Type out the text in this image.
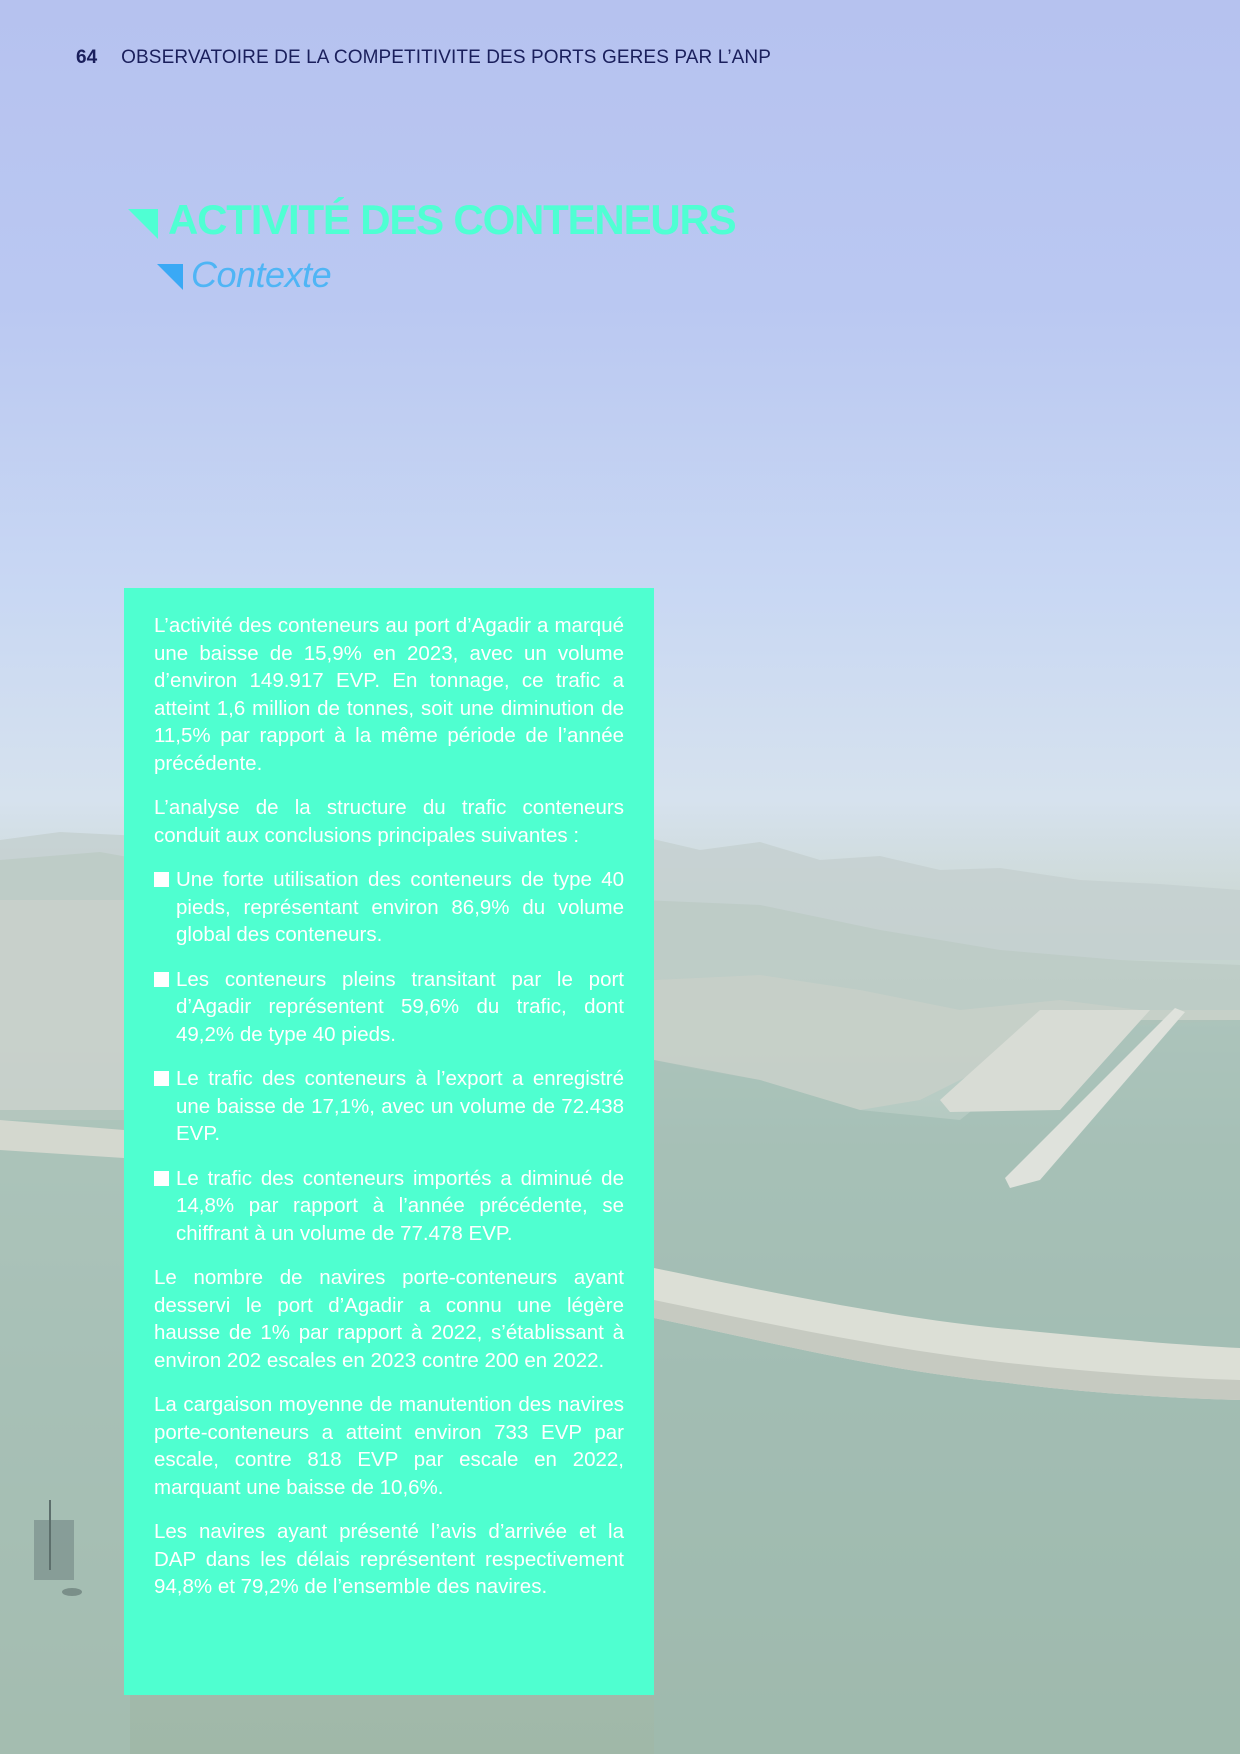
64 OBSERVATOIRE DE LA COMPETITIVITE DES PORTS GERES PAR L’ANP
ACTIVITÉ DES CONTENEURS
Contexte

L’activité des conteneurs au port d’Agadir a marqué une baisse de 15,9% en 2023, avec un volume d’environ 149.917 EVP. En tonnage, ce trafic a atteint 1,6 million de tonnes, soit une diminution de 11,5% par rapport à la même période de l’année précédente.

L’analyse de la structure du trafic conteneurs conduit aux conclusions principales suivantes :

Une forte utilisation des conteneurs de type 40 pieds, représentant environ 86,9% du volume global des conteneurs.
Les conteneurs pleins transitant par le port d’Agadir représentent 59,6% du trafic, dont 49,2% de type 40 pieds.
Le trafic des conteneurs à l’export a enregistré une baisse de 17,1%, avec un volume de 72.438 EVP.
Le trafic des conteneurs importés a diminué de 14,8% par rapport à l’année précédente, se chiffrant à un volume de 77.478 EVP.

Le nombre de navires porte-conteneurs ayant desservi le port d’Agadir a connu une légère hausse de 1% par rapport à 2022, s’établissant à environ 202 escales en 2023 contre 200 en 2022.

La cargaison moyenne de manutention des navires porte-conteneurs a atteint environ 733 EVP par escale, contre 818 EVP par escale en 2022, marquant une baisse de 10,6%.

Les navires ayant présenté l’avis d’arrivée et la DAP dans les délais représentent respectivement 94,8% et 79,2% de l’ensemble des navires.
